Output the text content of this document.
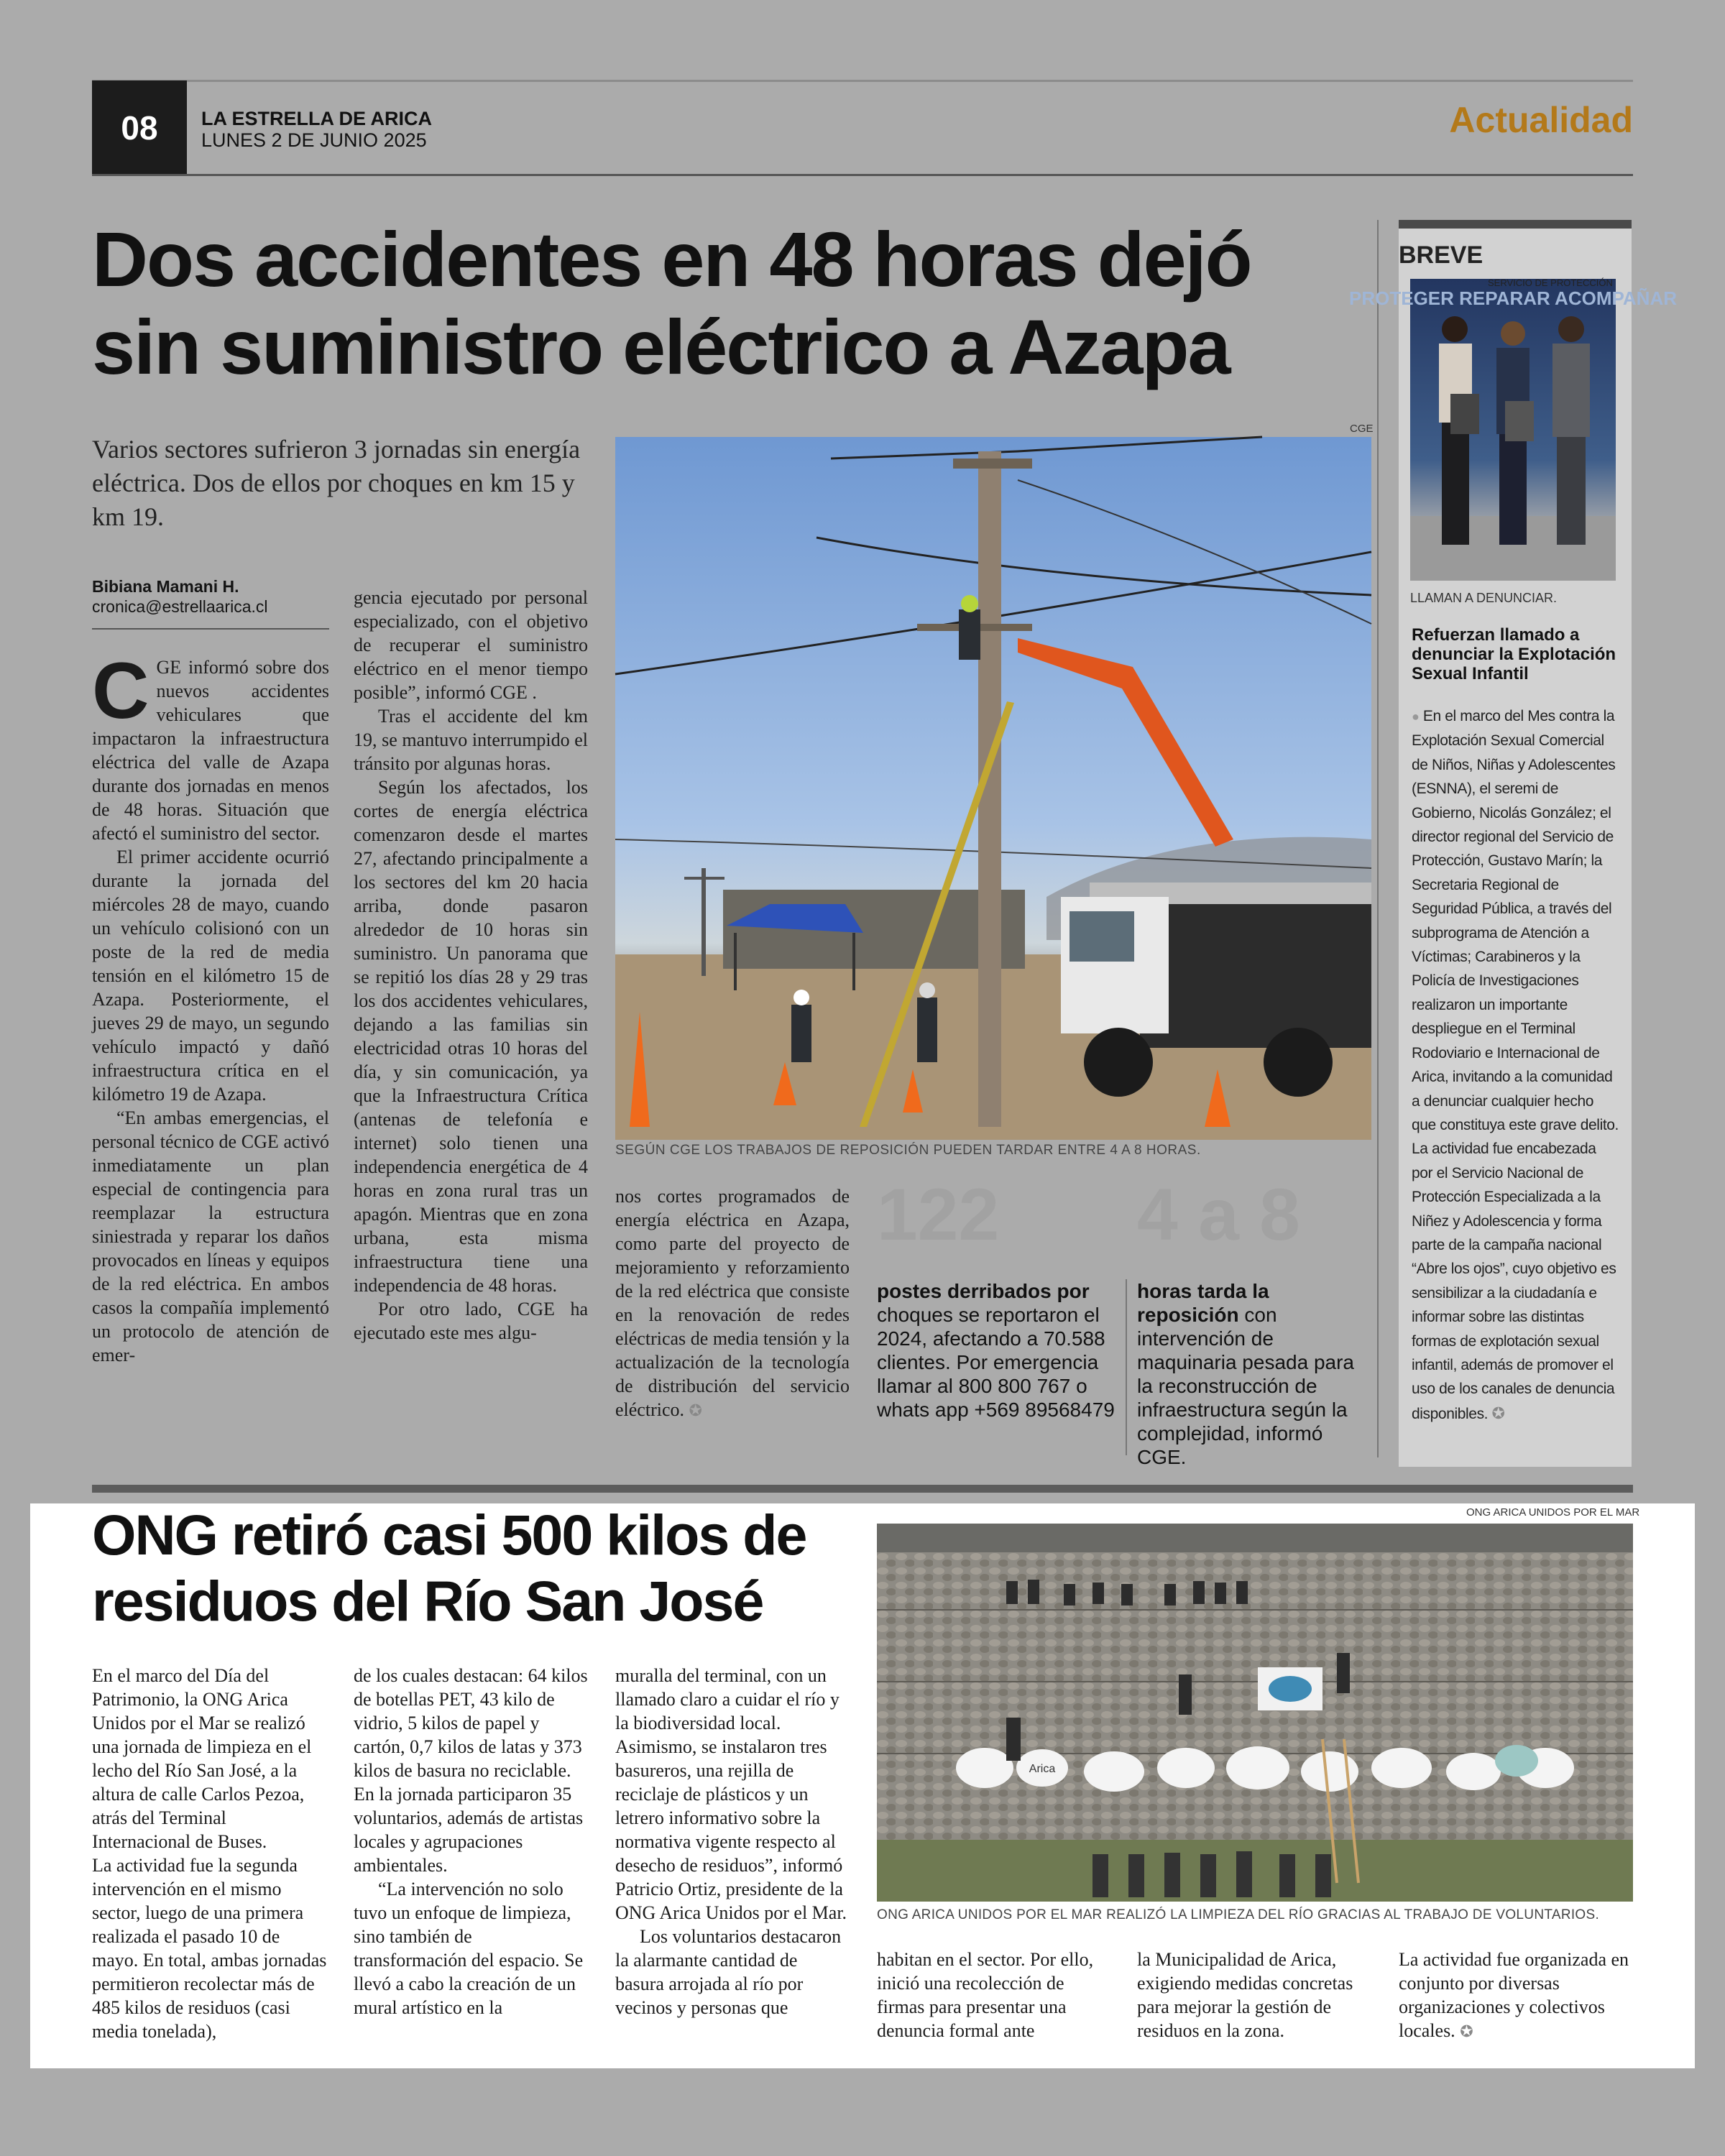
08 LA ESTRELLA DE ARICA
LUNES 2 DE JUNIO 2025	Actualidad
Dos accidentes en 48 horas dejó
sin suministro eléctrico a Azapa
Varios sectores sufrieron 3 jornadas sin energía eléctrica. Dos de ellos por choques en km 15 y km 19.
Bibiana Mamani H.
cronica@estrellaarica.cl

CGE informó sobre dos nuevos accidentes vehiculares que impactaron la infraestructura eléctrica del valle de Azapa durante dos jornadas en menos de 48 horas. Situación que afectó el suministro del sector.

El primer accidente ocurrió durante la jornada del miércoles 28 de mayo, cuando un vehículo colisionó con un poste de la red de media tensión en el kilómetro 15 de Azapa. Posteriormente, el jueves 29 de mayo, un segundo vehículo impactó y dañó infraestructura crítica en el kilómetro 19 de Azapa.

“En ambas emergencias, el personal técnico de CGE activó inmediatamente un plan especial de contingencia para reemplazar la estructura siniestrada y reparar los daños provocados en líneas y equipos de la red eléctrica. En ambos casos la compañía implementó un protocolo de atención de emer-

gencia ejecutado por personal especializado, con el objetivo de recuperar el suministro eléctrico en el menor tiempo posible”, informó CGE .

Tras el accidente del km 19, se mantuvo interrumpido el tránsito por algunas horas.

Según los afectados, los cortes de energía eléctrica comenzaron desde el martes 27, afectando principalmente a los sectores del km 20 hacia arriba, donde pasaron alrededor de 10 horas sin suministro. Un panorama que se repitió los días 28 y 29 tras los dos accidentes vehiculares, dejando a las familias sin electricidad otras 10 horas del día, y sin comunicación, ya que la Infraestructura Crítica (antenas de telefonía e internet) solo tienen una independencia energética de 4 horas en zona rural tras un apagón. Mientras que en zona urbana, esta misma infraestructura tiene una independencia de 48 horas.

Por otro lado, CGE ha ejecutado este mes algu-

nos cortes programados de energía eléctrica en Azapa, como parte del proyecto de mejoramiento y reforzamiento de la red eléctrica que consiste en la renovación de redes eléctricas de media tensión y la actualización de la tecnología de distribución del servicio eléctrico. ✪

CGE
SEGÚN CGE LOS TRABAJOS DE REPOSICIÓN PUEDEN TARDAR ENTRE 4 A 8 HORAS.
122
postes derribados por choques se reportaron el 2024, afectando a 70.588 clientes. Por emergencia llamar al 800 800 767 o whats app +569 89568479
4 a 8
horas tarda la reposición con intervención de maquinaria pesada para la reconstrucción de infraestructura según la complejidad, informó CGE.
BREVE
PROTEGER REPARAR ACOMPAÑAR
SERVICIO DE PROTECCIÓN
LLAMAN A DENUNCIAR.
Refuerzan llamado a denunciar la Explotación Sexual Infantil

● En el marco del Mes contra la Explotación Sexual Comercial de Niños, Niñas y Adolescentes (ESNNA), el seremi de Gobierno, Nicolás González; el director regional del Servicio de Protección, Gustavo Marín; la Secretaria Regional de Seguridad Pública, a través del subprograma de Atención a Víctimas; Carabineros y la Policía de Investigaciones realizaron un importante despliegue en el Terminal Rodoviario e Internacional de Arica, invitando a la comunidad a denunciar cualquier hecho que constituya este grave delito.

La actividad fue encabezada por el Servicio Nacional de Protección Especializada a la Niñez y Adolescencia y forma parte de la campaña nacional “Abre los ojos”, cuyo objetivo es sensibilizar a la ciudadanía e informar sobre las distintas formas de explotación sexual infantil, además de promover el uso de los canales de denuncia disponibles. ✪

ONG retiró casi 500 kilos de
residuos del Río San José

En el marco del Día del Patrimonio, la ONG Arica Unidos por el Mar se realizó una jornada de limpieza en el lecho del Río San José, a la altura de calle Carlos Pezoa, atrás del Terminal Internacional de Buses.

La actividad fue la segunda intervención en el mismo sector, luego de una primera realizada el pasado 10 de mayo. En total, ambas jornadas permitieron recolectar más de 485 kilos de residuos (casi media tonelada),

de los cuales destacan: 64 kilos de botellas PET, 43 kilo de vidrio, 5 kilos de papel y cartón, 0,7 kilos de latas y 373 kilos de basura no reciclable.

En la jornada participaron 35 voluntarios, además de artistas locales y agrupaciones ambientales.

“La intervención no solo tuvo un enfoque de limpieza, sino también de transformación del espacio. Se llevó a cabo la creación de un mural artístico en la

muralla del terminal, con un llamado claro a cuidar el río y la biodiversidad local. Asimismo, se instalaron tres basureros, una rejilla de reciclaje de plásticos y un letrero informativo sobre la normativa vigente respecto al desecho de residuos”, informó Patricio Ortiz, presidente de la ONG Arica Unidos por el Mar.

Los voluntarios destacaron la alarmante cantidad de basura arrojada al río por vecinos y personas que

habitan en el sector. Por ello, inició una recolección de firmas para presentar una denuncia formal ante
la Municipalidad de Arica, exigiendo medidas concretas para mejorar la gestión de residuos en la zona.
La actividad fue organizada en conjunto por diversas organizaciones y colectivos locales. ✪
ONG ARICA UNIDOS POR EL MAR
Arica
ONG ARICA UNIDOS POR EL MAR REALIZÓ LA LIMPIEZA DEL RÍO GRACIAS AL TRABAJO DE VOLUNTARIOS.
